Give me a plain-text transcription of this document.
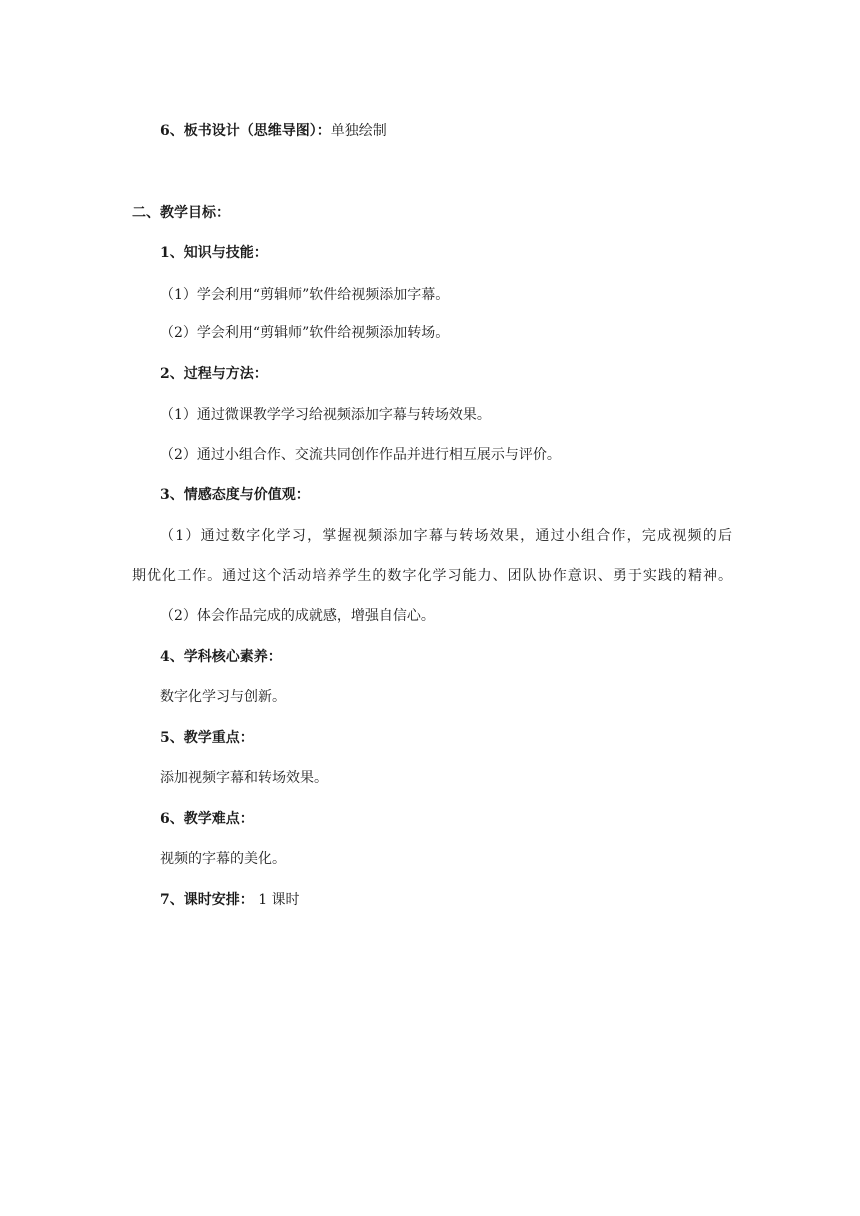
6、板书设计（思维导图）：单独绘制
二、教学目标：
1、知识与技能：
（1）学会利用“剪辑师”软件给视频添加字幕。
（2）学会利用“剪辑师”软件给视频添加转场。
2、过程与方法：
（1）通过微课教学学习给视频添加字幕与转场效果。
（2）通过小组合作、交流共同创作作品并进行相互展示与评价。
3、情感态度与价值观：
（1）通过数字化学习，掌握视频添加字幕与转场效果，通过小组合作，完成视频的后
期优化工作。通过这个活动培养学生的数字化学习能力、团队协作意识、勇于实践的精神。
（2）体会作品完成的成就感，增强自信心。
4、学科核心素养：
数字化学习与创新。
5、教学重点：
添加视频字幕和转场效果。
6、教学难点：
视频的字幕的美化。
7、课时安排： 1 课时
